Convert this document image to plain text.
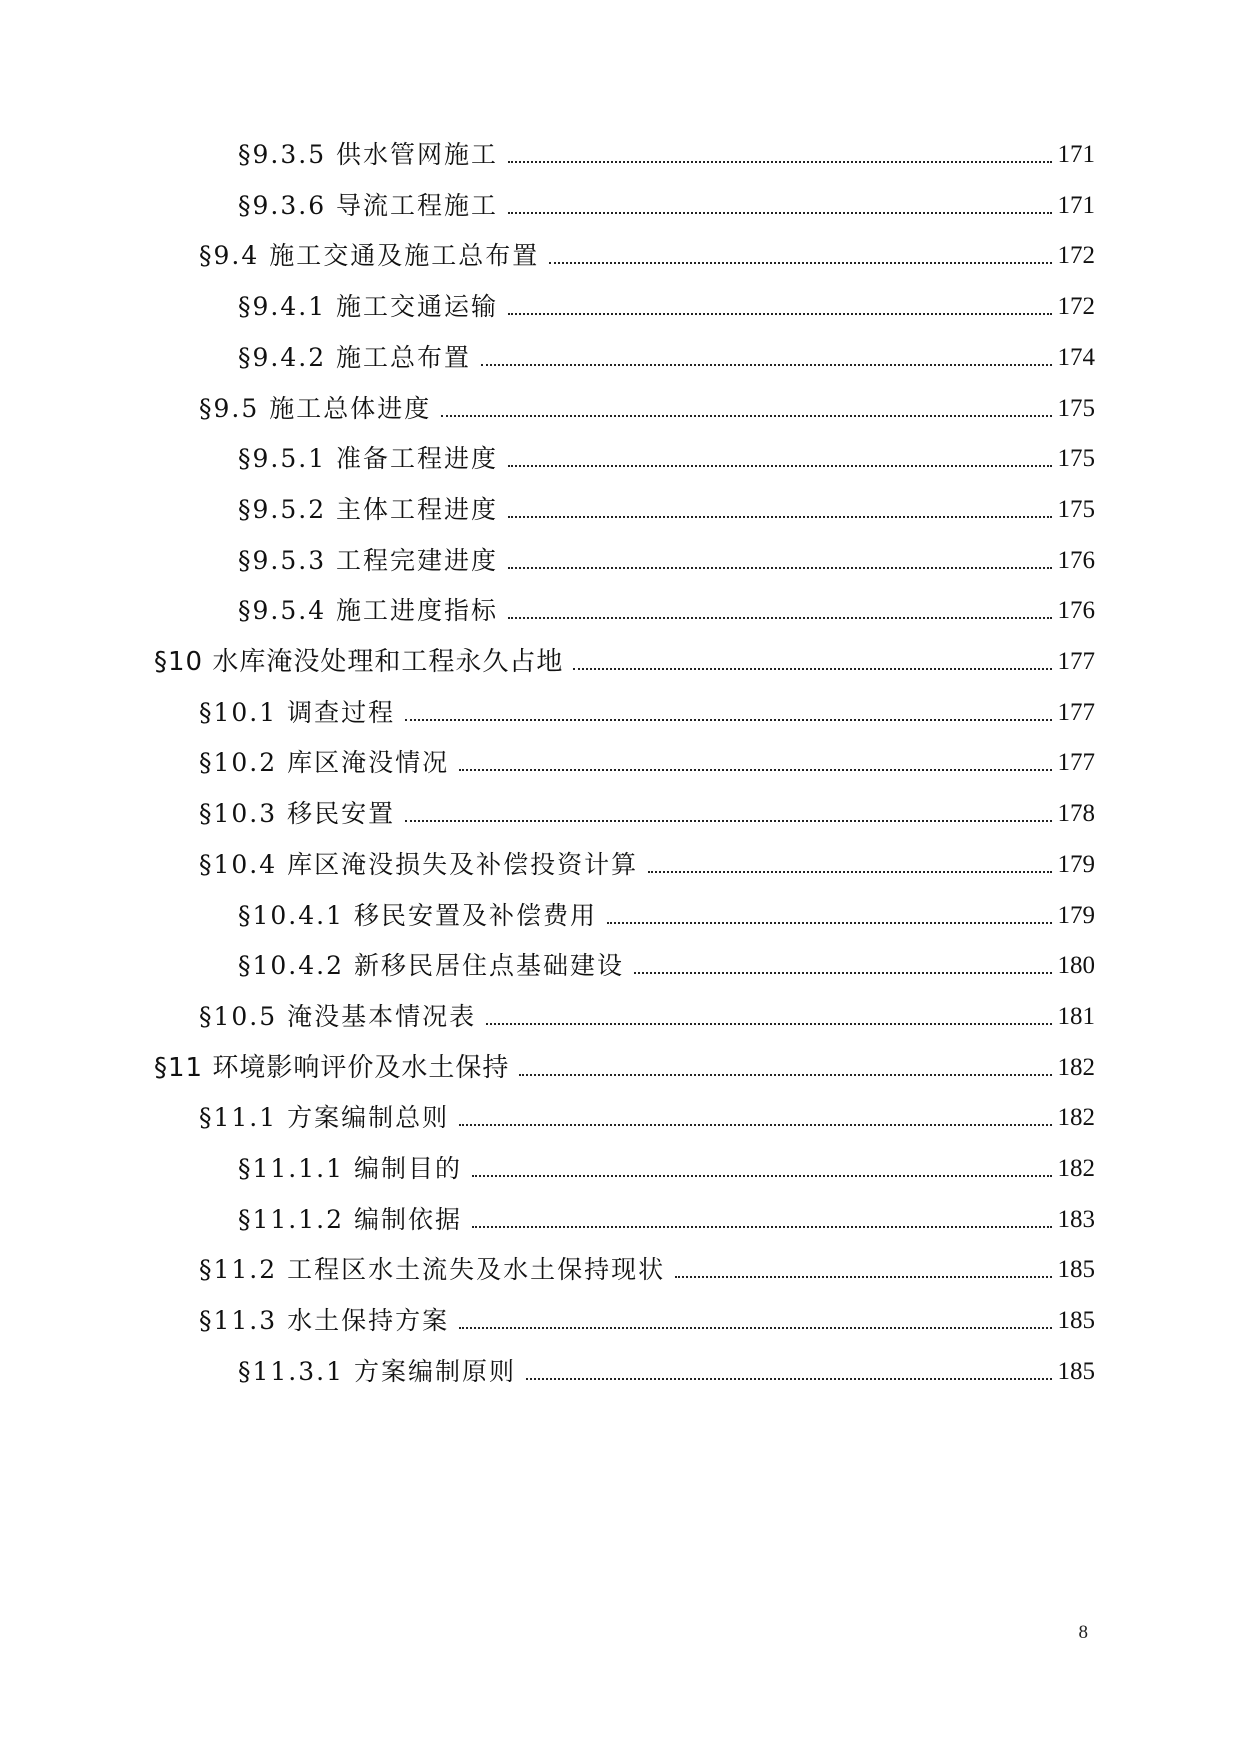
§9.3.5 供水管网施工	171
§9.3.6 导流工程施工	171
§9.4 施工交通及施工总布置	172
§9.4.1 施工交通运输	172
§9.4.2 施工总布置	174
§9.5 施工总体进度	175
§9.5.1 准备工程进度	175
§9.5.2 主体工程进度	175
§9.5.3 工程完建进度	176
§9.5.4 施工进度指标	176
§10 水库淹没处理和工程永久占地	177
§10.1 调查过程	177
§10.2 库区淹没情况	177
§10.3 移民安置	178
§10.4 库区淹没损失及补偿投资计算	179
§10.4.1 移民安置及补偿费用	179
§10.4.2 新移民居住点基础建设	180
§10.5 淹没基本情况表	181
§11 环境影响评价及水土保持	182
§11.1 方案编制总则	182
§11.1.1 编制目的	182
§11.1.2 编制依据	183
§11.2 工程区水土流失及水土保持现状	185
§11.3 水土保持方案	185
§11.3.1 方案编制原则	185
8
